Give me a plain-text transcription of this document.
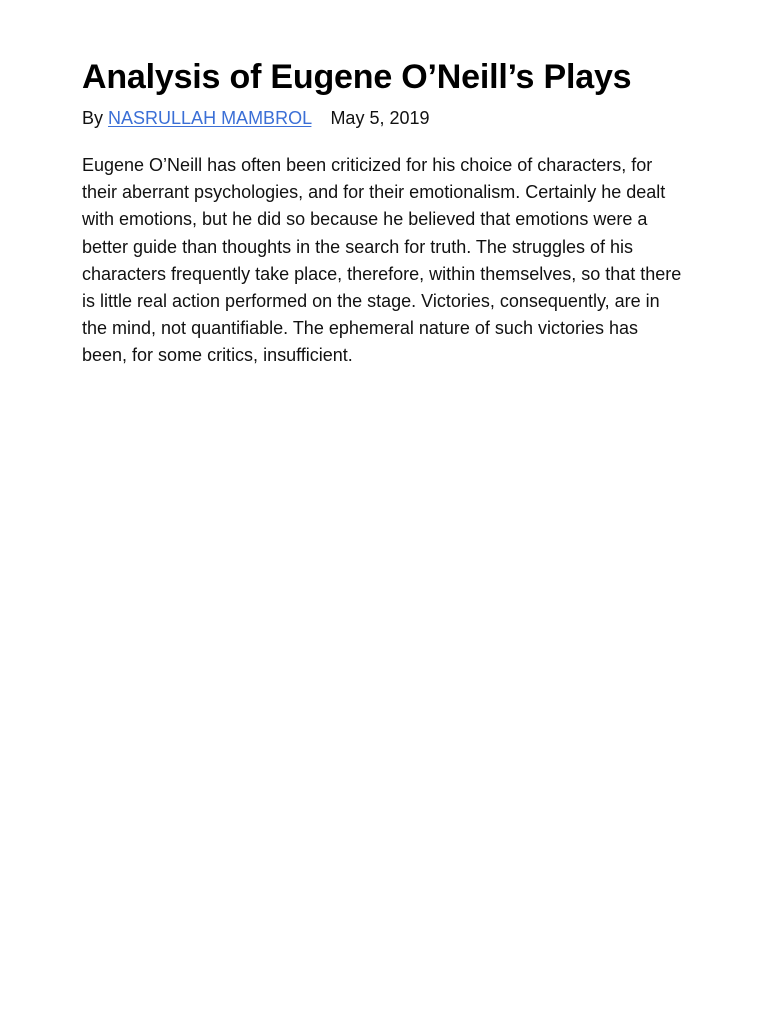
Analysis of Eugene O’Neill’s Plays
By NASRULLAH MAMBROL May 5, 2019

Eugene O’Neill has often been criticized for his choice of characters, for their aberrant psychologies, and for their emotionalism. Certainly he dealt with emotions, but he did so because he believed that emotions were a better guide than thoughts in the search for truth. The struggles of his characters frequently take place, therefore, within themselves, so that there is little real action performed on the stage. Victories, consequently, are in the mind, not quantifiable. The ephemeral nature of such victories has been, for some critics, insufficient.
